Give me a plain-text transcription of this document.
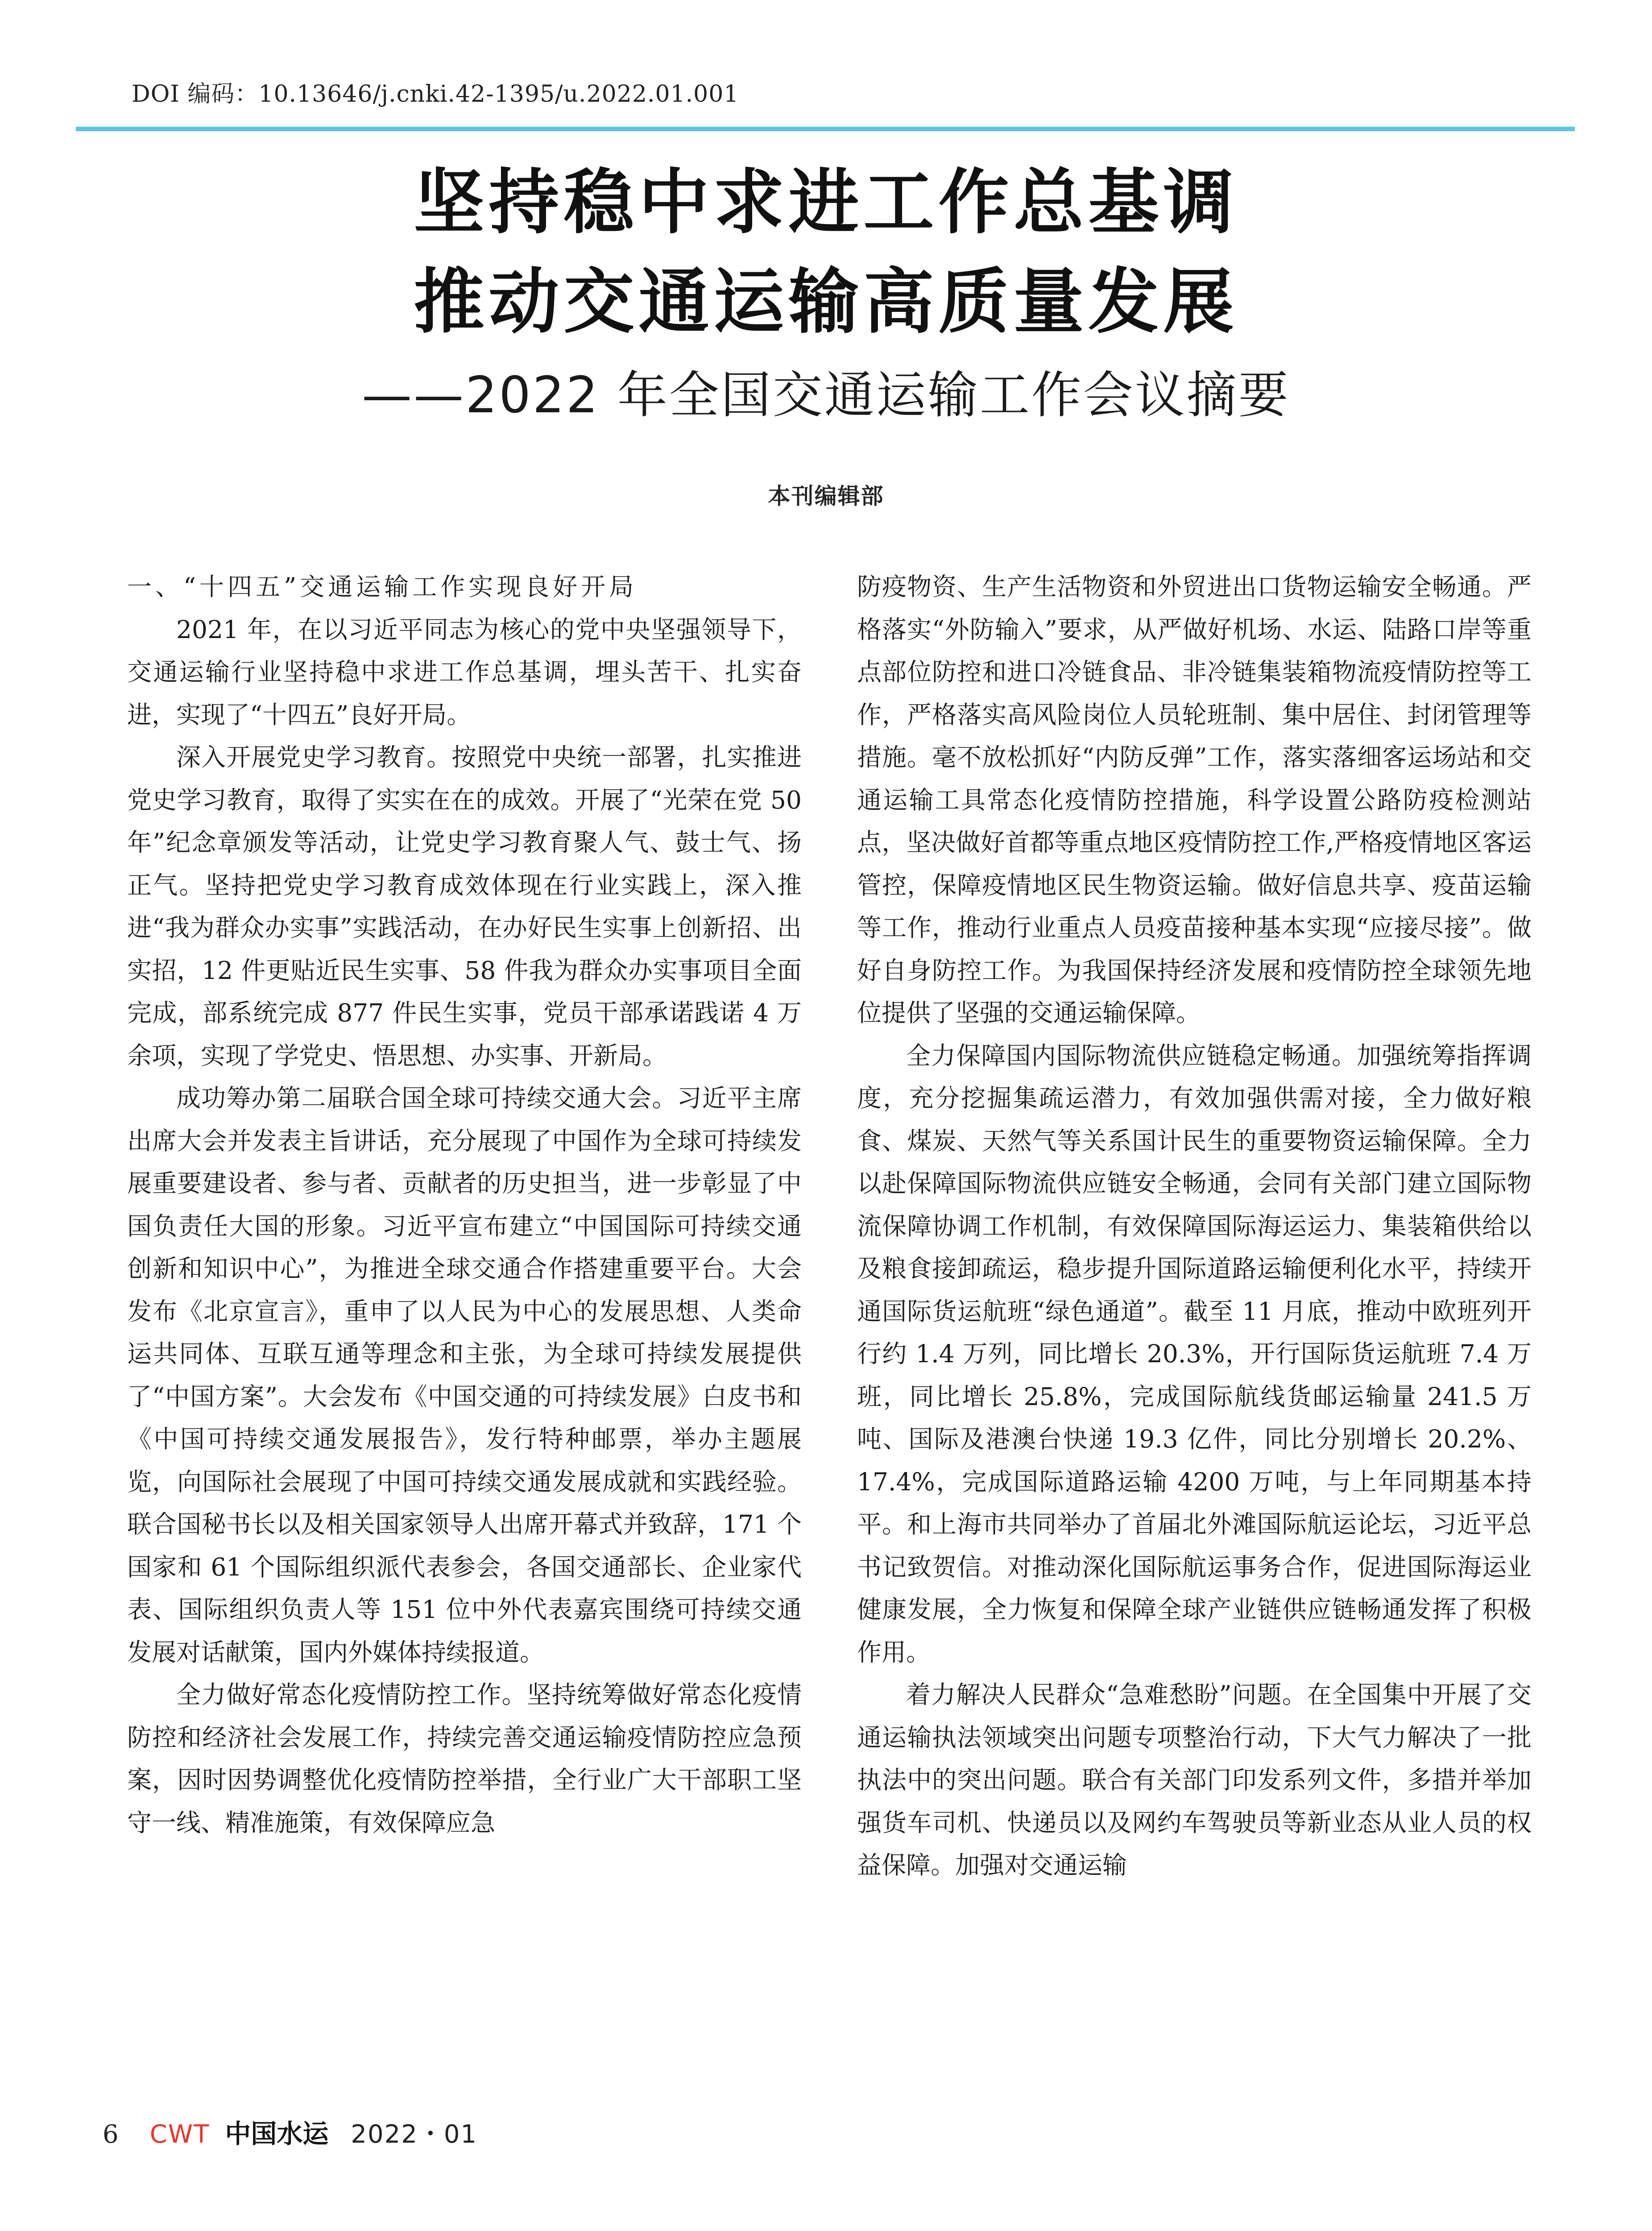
DOI 编码：10.13646/j.cnki.42-1395/u.2022.01.001
坚持稳中求进工作总基调
推动交通运输高质量发展
——2022 年全国交通运输工作会议摘要
本刊编辑部
一、“十四五”交通运输工作实现良好开局

2021 年，在以习近平同志为核心的党中央坚强领导下，交通运输行业坚持稳中求进工作总基调，埋头苦干、扎实奋进，实现了“十四五”良好开局。

深入开展党史学习教育。按照党中央统一部署，扎实推进党史学习教育，取得了实实在在的成效。开展了“光荣在党 50 年”纪念章颁发等活动，让党史学习教育聚人气、鼓士气、扬正气。坚持把党史学习教育成效体现在行业实践上，深入推进“我为群众办实事”实践活动，在办好民生实事上创新招、出实招，12 件更贴近民生实事、58 件我为群众办实事项目全面完成，部系统完成 877 件民生实事，党员干部承诺践诺 4 万余项，实现了学党史、悟思想、办实事、开新局。

成功筹办第二届联合国全球可持续交通大会。习近平主席出席大会并发表主旨讲话，充分展现了中国作为全球可持续发展重要建设者、参与者、贡献者的历史担当，进一步彰显了中国负责任大国的形象。习近平宣布建立“中国国际可持续交通创新和知识中心”，为推进全球交通合作搭建重要平台。大会发布《北京宣言》，重申了以人民为中心的发展思想、人类命运共同体、互联互通等理念和主张，为全球可持续发展提供了“中国方案”。大会发布《中国交通的可持续发展》白皮书和《中国可持续交通发展报告》，发行特种邮票，举办主题展览，向国际社会展现了中国可持续交通发展成就和实践经验。联合国秘书长以及相关国家领导人出席开幕式并致辞，171 个国家和 61 个国际组织派代表参会，各国交通部长、企业家代表、国际组织负责人等 151 位中外代表嘉宾围绕可持续交通发展对话献策，国内外媒体持续报道。

全力做好常态化疫情防控工作。坚持统筹做好常态化疫情防控和经济社会发展工作，持续完善交通运输疫情防控应急预案，因时因势调整优化疫情防控举措，全行业广大干部职工坚守一线、精准施策，有效保障应急

防疫物资、生产生活物资和外贸进出口货物运输安全畅通。严格落实“外防输入”要求，从严做好机场、水运、陆路口岸等重点部位防控和进口冷链食品、非冷链集装箱物流疫情防控等工作，严格落实高风险岗位人员轮班制、集中居住、封闭管理等措施。毫不放松抓好“内防反弹”工作，落实落细客运场站和交通运输工具常态化疫情防控措施，科学设置公路防疫检测站点，坚决做好首都等重点地区疫情防控工作,严格疫情地区客运管控，保障疫情地区民生物资运输。做好信息共享、疫苗运输等工作，推动行业重点人员疫苗接种基本实现“应接尽接”。做好自身防控工作。为我国保持经济发展和疫情防控全球领先地位提供了坚强的交通运输保障。

全力保障国内国际物流供应链稳定畅通。加强统筹指挥调度，充分挖掘集疏运潜力，有效加强供需对接，全力做好粮食、煤炭、天然气等关系国计民生的重要物资运输保障。全力以赴保障国际物流供应链安全畅通，会同有关部门建立国际物流保障协调工作机制，有效保障国际海运运力、集装箱供给以及粮食接卸疏运，稳步提升国际道路运输便利化水平，持续开通国际货运航班“绿色通道”。截至 11 月底，推动中欧班列开行约 1.4 万列，同比增长 20.3%，开行国际货运航班 7.4 万班，同比增长 25.8%，完成国际航线货邮运输量 241.5 万吨、国际及港澳台快递 19.3 亿件，同比分别增长 20.2%、17.4%，完成国际道路运输 4200 万吨，与上年同期基本持平。和上海市共同举办了首届北外滩国际航运论坛，习近平总书记致贺信。对推动深化国际航运事务合作，促进国际海运业健康发展，全力恢复和保障全球产业链供应链畅通发挥了积极作用。

着力解决人民群众“急难愁盼”问题。在全国集中开展了交通运输执法领域突出问题专项整治行动，下大气力解决了一批执法中的突出问题。联合有关部门印发系列文件，多措并举加强货车司机、快递员以及网约车驾驶员等新业态从业人员的权益保障。加强对交通运输

6 CWT 中国水运 2022・01
